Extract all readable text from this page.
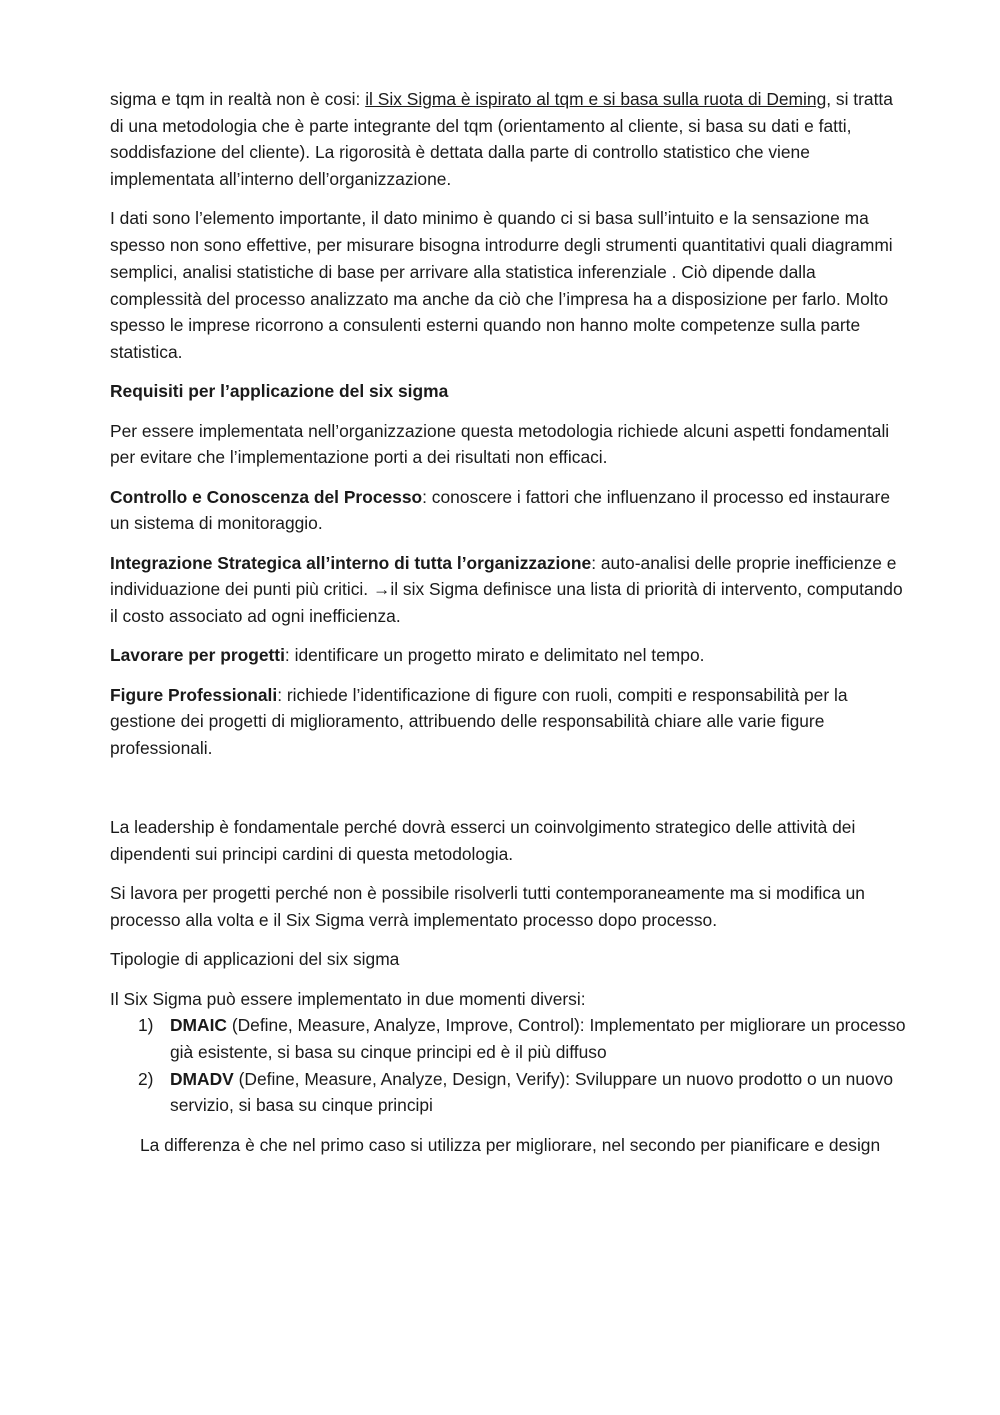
sigma e tqm in realtà non è cosi: il Six Sigma è ispirato al tqm e si basa sulla ruota di Deming, si tratta di una metodologia che è parte integrante del tqm (orientamento al cliente, si basa su dati e fatti, soddisfazione del cliente). La rigorosità è dettata dalla parte di controllo statistico che viene implementata all’interno dell’organizzazione.

I dati sono l’elemento importante, il dato minimo è quando ci si basa sull’intuito e la sensazione ma spesso non sono effettive, per misurare bisogna introdurre degli strumenti quantitativi quali diagrammi semplici, analisi statistiche di base per arrivare alla statistica inferenziale . Ciò dipende dalla complessità del processo analizzato ma anche da ciò che l’impresa ha a disposizione per farlo. Molto spesso le imprese ricorrono a consulenti esterni quando non hanno molte competenze sulla parte statistica.

Requisiti per l’applicazione del six sigma

Per essere implementata nell’organizzazione questa metodologia richiede alcuni aspetti fondamentali per evitare che l’implementazione porti a dei risultati non efficaci.

Controllo e Conoscenza del Processo: conoscere i fattori che influenzano il processo ed instaurare un sistema di monitoraggio.

Integrazione Strategica all’interno di tutta l’organizzazione: auto-analisi delle proprie inefficienze e individuazione dei punti più critici. →il six Sigma definisce una lista di priorità di intervento, computando il costo associato ad ogni inefficienza.

Lavorare per progetti: identificare un progetto mirato e delimitato nel tempo.

Figure Professionali: richiede l’identificazione di figure con ruoli, compiti e responsabilità per la gestione dei progetti di miglioramento, attribuendo delle responsabilità chiare alle varie figure professionali.

La leadership è fondamentale perché dovrà esserci un coinvolgimento strategico delle attività dei dipendenti sui principi cardini di questa metodologia.

Si lavora per progetti perché non è possibile risolverli tutti contemporaneamente ma si modifica un processo alla volta e il Six Sigma verrà implementato processo dopo processo.

Tipologie di applicazioni del six sigma

Il Six Sigma può essere implementato in due momenti diversi:

1) DMAIC (Define, Measure, Analyze, Improve, Control): Implementato per migliorare un processo già esistente, si basa su cinque principi ed è il più diffuso
2) DMADV (Define, Measure, Analyze, Design, Verify): Sviluppare un nuovo prodotto o un nuovo servizio, si basa su cinque principi

La differenza è che nel primo caso si utilizza per migliorare, nel secondo per pianificare e design
